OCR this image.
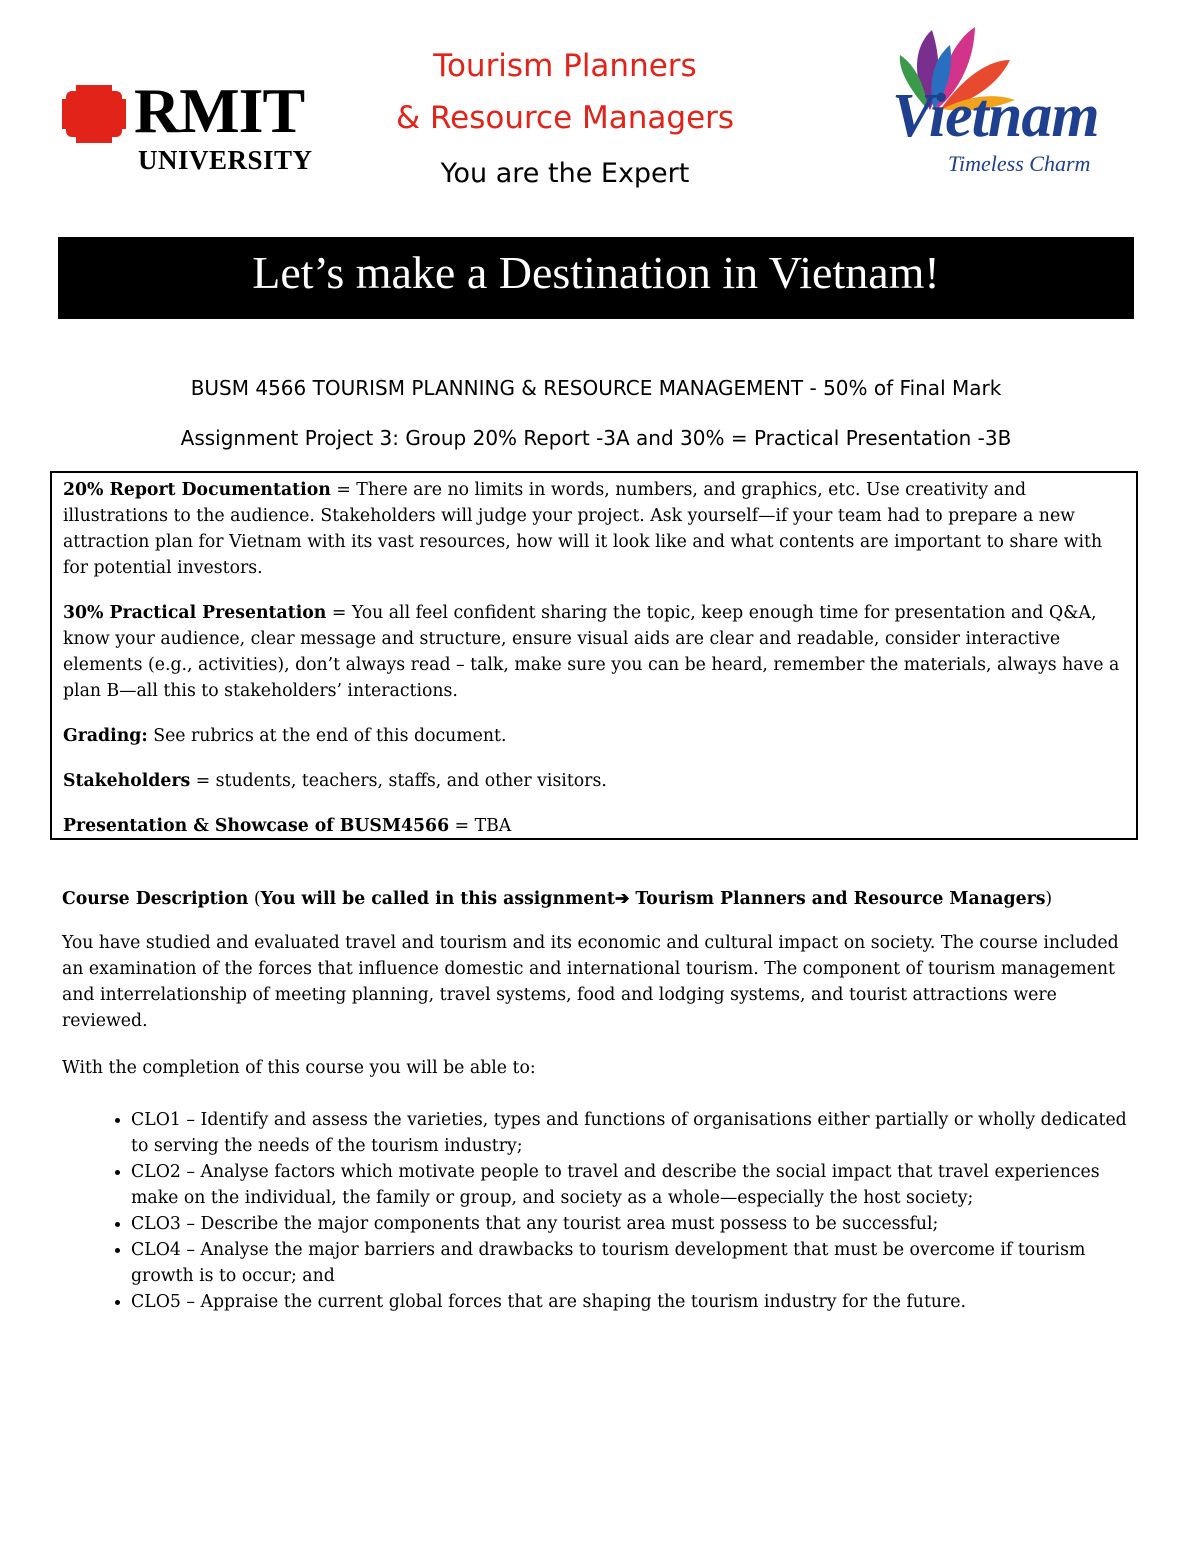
RMIT
UNIVERSITY
Tourism Planners
& Resource Managers
You are the Expert
Vietnam
Timeless Charm
Let’s make a Destination in Vietnam!
BUSM 4566 TOURISM PLANNING & RESOURCE MANAGEMENT - 50% of Final Mark
Assignment Project 3: Group 20% Report -3A and 30% = Practical Presentation -3B

20% Report Documentation = There are no limits in words, numbers, and graphics, etc. Use creativity and illustrations to the audience. Stakeholders will judge your project. Ask yourself—if your team had to prepare a new attraction plan for Vietnam with its vast resources, how will it look like and what contents are important to share with for potential investors.

30% Practical Presentation = You all feel confident sharing the topic, keep enough time for presentation and Q&A, know your audience, clear message and structure, ensure visual aids are clear and readable, consider interactive elements (e.g., activities), don’t always read – talk, make sure you can be heard, remember the materials, always have a plan B—all this to stakeholders’ interactions.

Grading: See rubrics at the end of this document.

Stakeholders = students, teachers, staffs, and other visitors.

Presentation & Showcase of BUSM4566 = TBA

Course Description (You will be called in this assignment➔ Tourism Planners and Resource Managers)
You have studied and evaluated travel and tourism and its economic and cultural impact on society. The course included an examination of the forces that influence domestic and international tourism. The component of tourism management and interrelationship of meeting planning, travel systems, food and lodging systems, and tourist attractions were reviewed.
With the completion of this course you will be able to:
• CLO1 – Identify and assess the varieties, types and functions of organisations either partially or wholly dedicated to serving the needs of the tourism industry;
• CLO2 – Analyse factors which motivate people to travel and describe the social impact that travel experiences make on the individual, the family or group, and society as a whole—especially the host society;
• CLO3 – Describe the major components that any tourist area must possess to be successful;
• CLO4 – Analyse the major barriers and drawbacks to tourism development that must be overcome if tourism growth is to occur; and
• CLO5 – Appraise the current global forces that are shaping the tourism industry for the future.
